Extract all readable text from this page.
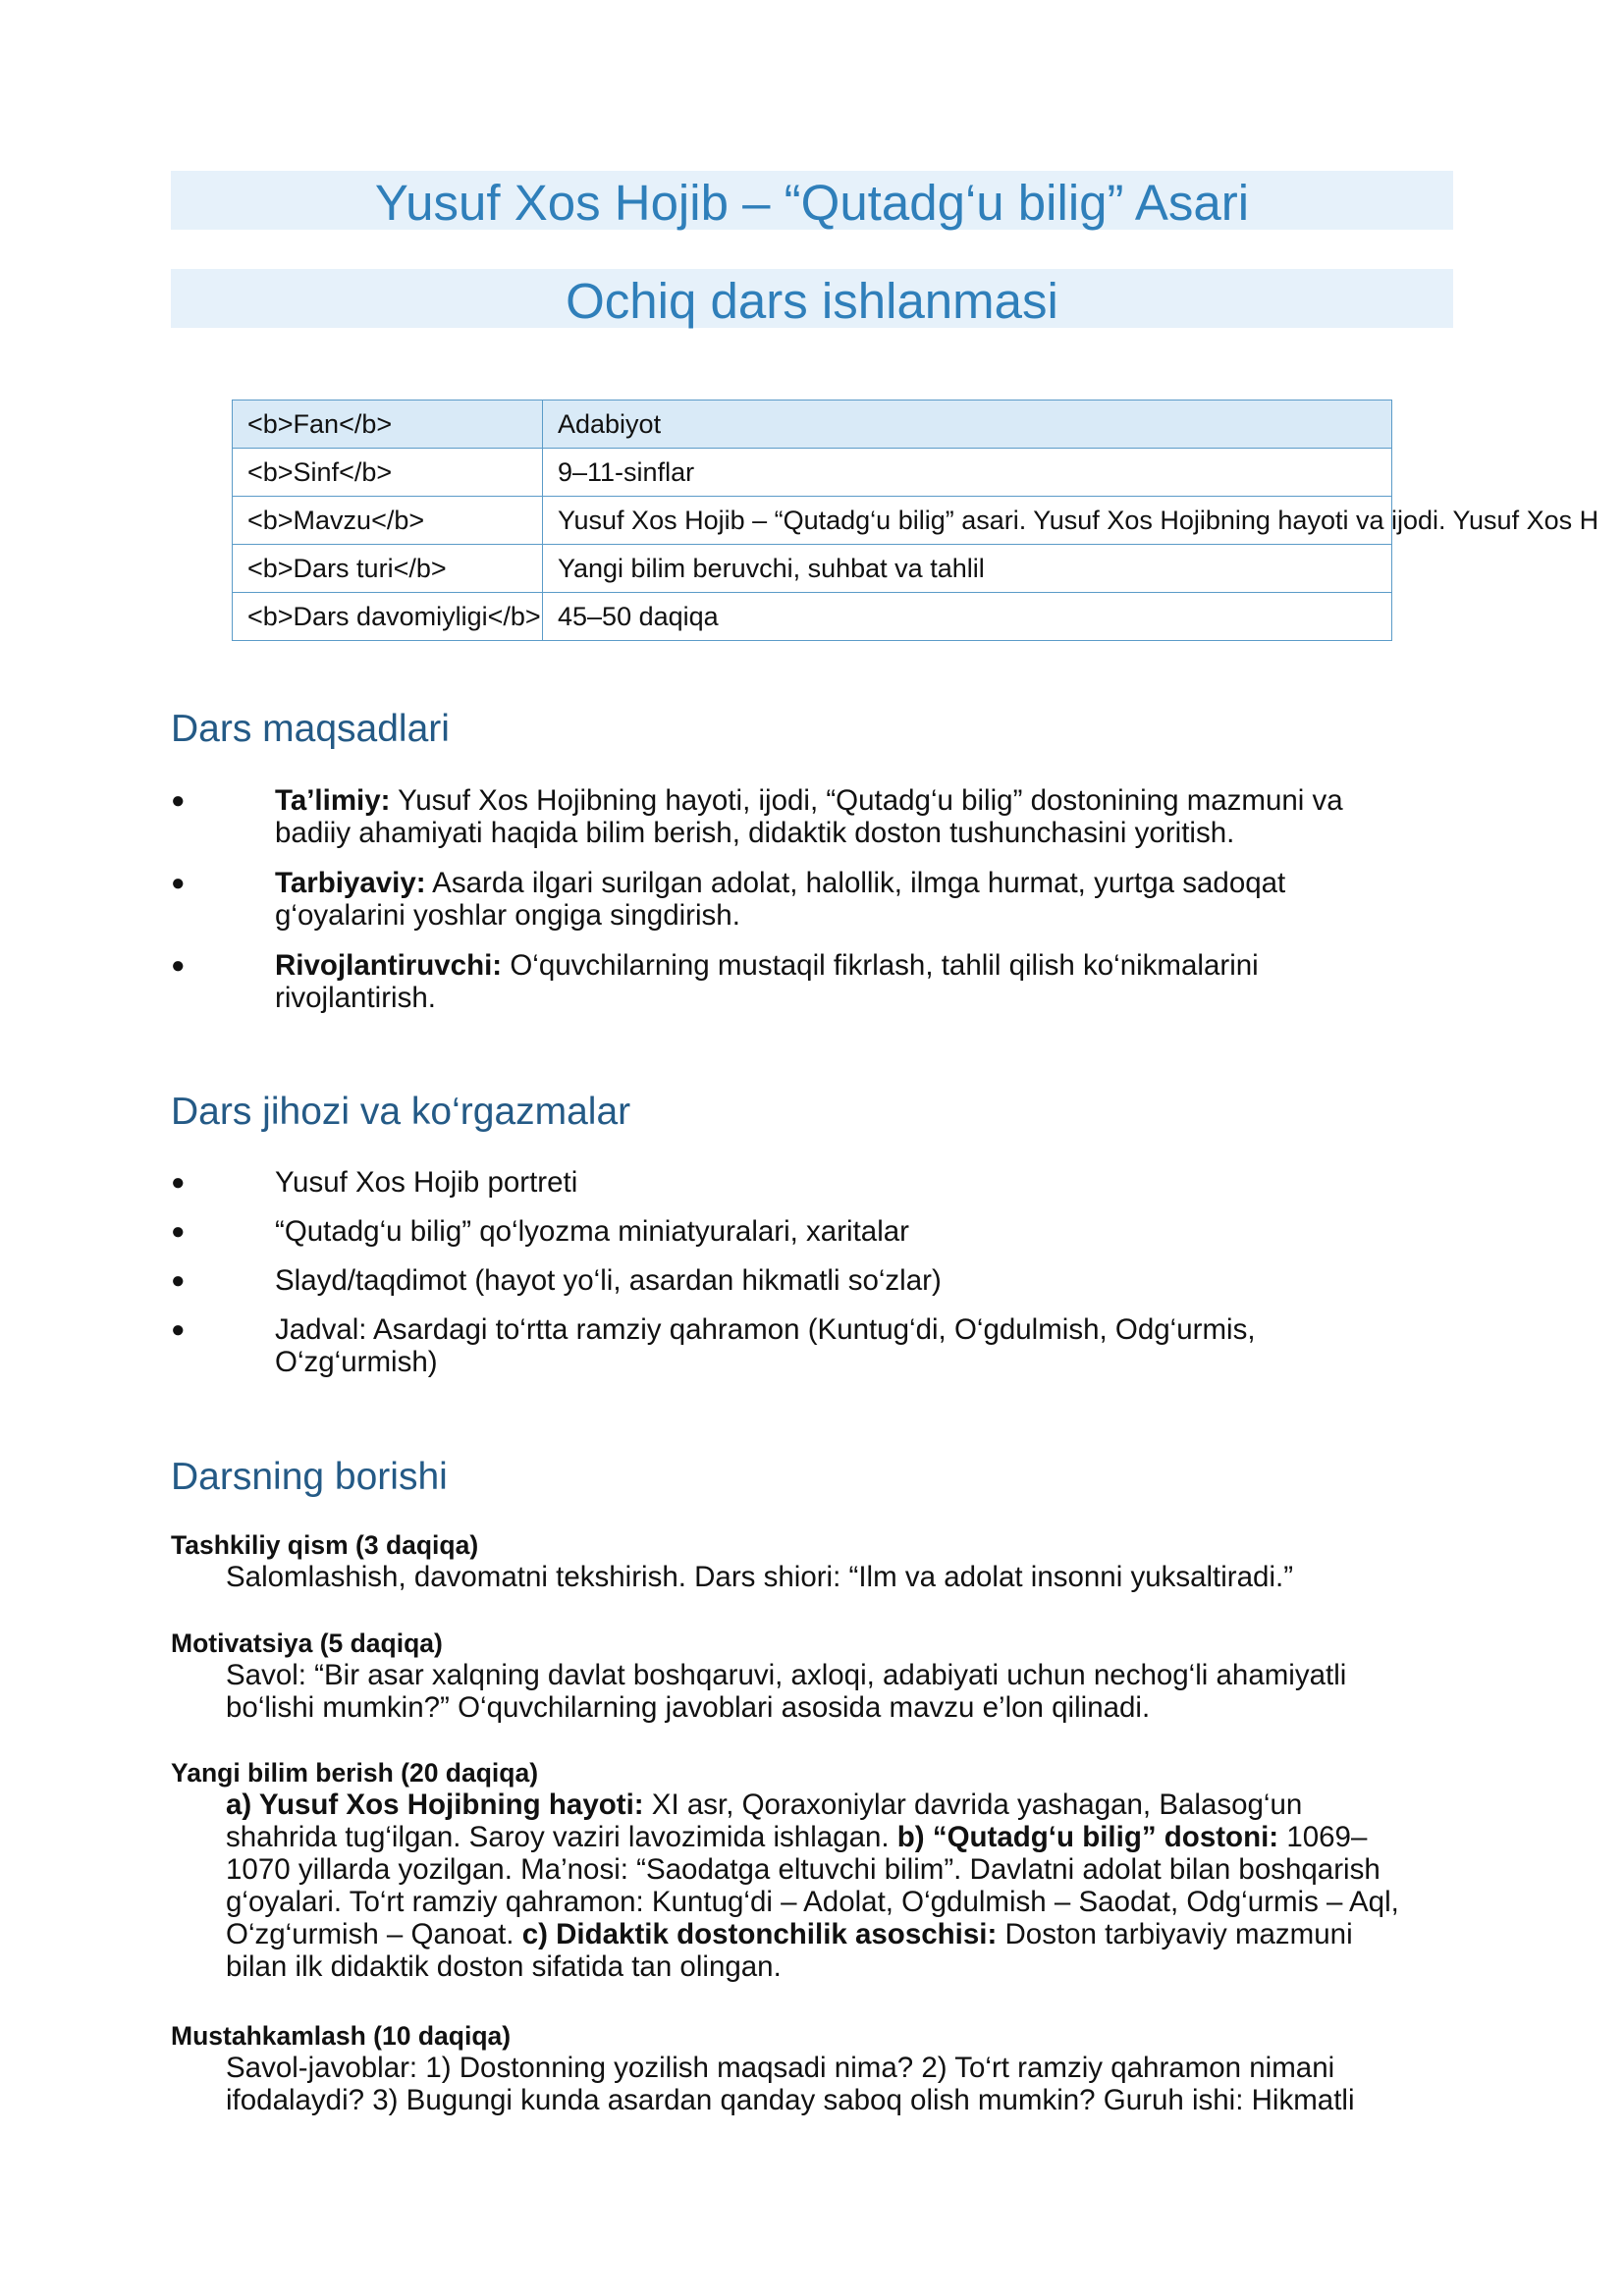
Yusuf Xos Hojib – “Qutadg‘u bilig” Asari
Ochiq dars ishlanmasi
<b>Fan</b>	Adabiyot
<b>Sinf</b>	9–11-sinflar
<b>Mavzu</b>	Yusuf Xos Hojib – “Qutadg‘u bilig” asari. Yusuf Xos Hojibning hayoti va ijodi. Yusuf Xos H
<b>Dars turi</b>	Yangi bilim beruvchi, suhbat va tahlil
<b>Dars davomiyligi</b>	45–50 daqiqa
Dars maqsadlari
●	Ta’limiy: Yusuf Xos Hojibning hayoti, ijodi, “Qutadg‘u bilig” dostonining mazmuni va badiiy ahamiyati haqida bilim berish, didaktik doston tushunchasini yoritish.
●	Tarbiyaviy: Asarda ilgari surilgan adolat, halollik, ilmga hurmat, yurtga sadoqat g‘oyalarini yoshlar ongiga singdirish.
●	Rivojlantiruvchi: O‘quvchilarning mustaqil fikrlash, tahlil qilish ko‘nikmalarini rivojlantirish.
Dars jihozi va ko‘rgazmalar
●	Yusuf Xos Hojib portreti
●	“Qutadg‘u bilig” qo‘lyozma miniatyuralari, xaritalar
●	Slayd/taqdimot (hayot yo‘li, asardan hikmatli so‘zlar)
●	Jadval: Asardagi to‘rtta ramziy qahramon (Kuntug‘di, O‘gdulmish, Odg‘urmis, O‘zg‘urmish)
Darsning borishi
Tashkiliy qism (3 daqiqa)
Salomlashish, davomatni tekshirish. Dars shiori: “Ilm va adolat insonni yuksaltiradi.”
Motivatsiya (5 daqiqa)
Savol: “Bir asar xalqning davlat boshqaruvi, axloqi, adabiyati uchun nechog‘li ahamiyatli bo‘lishi mumkin?” O‘quvchilarning javoblari asosida mavzu e’lon qilinadi.
Yangi bilim berish (20 daqiqa)
a) Yusuf Xos Hojibning hayoti: XI asr, Qoraxoniylar davrida yashagan, Balasog‘un shahrida tug‘ilgan. Saroy vaziri lavozimida ishlagan. b) “Qutadg‘u bilig” dostoni: 1069–1070 yillarda yozilgan. Ma’nosi: “Saodatga eltuvchi bilim”. Davlatni adolat bilan boshqarish g‘oyalari. To‘rt ramziy qahramon: Kuntug‘di – Adolat, O‘gdulmish – Saodat, Odg‘urmis – Aql, O‘zg‘urmish – Qanoat. c) Didaktik dostonchilik asoschisi: Doston tarbiyaviy mazmuni bilan ilk didaktik doston sifatida tan olingan.
Mustahkamlash (10 daqiqa)
Savol-javoblar: 1) Dostonning yozilish maqsadi nima? 2) To‘rt ramziy qahramon nimani ifodalaydi? 3) Bugungi kunda asardan qanday saboq olish mumkin? Guruh ishi: Hikmatli
